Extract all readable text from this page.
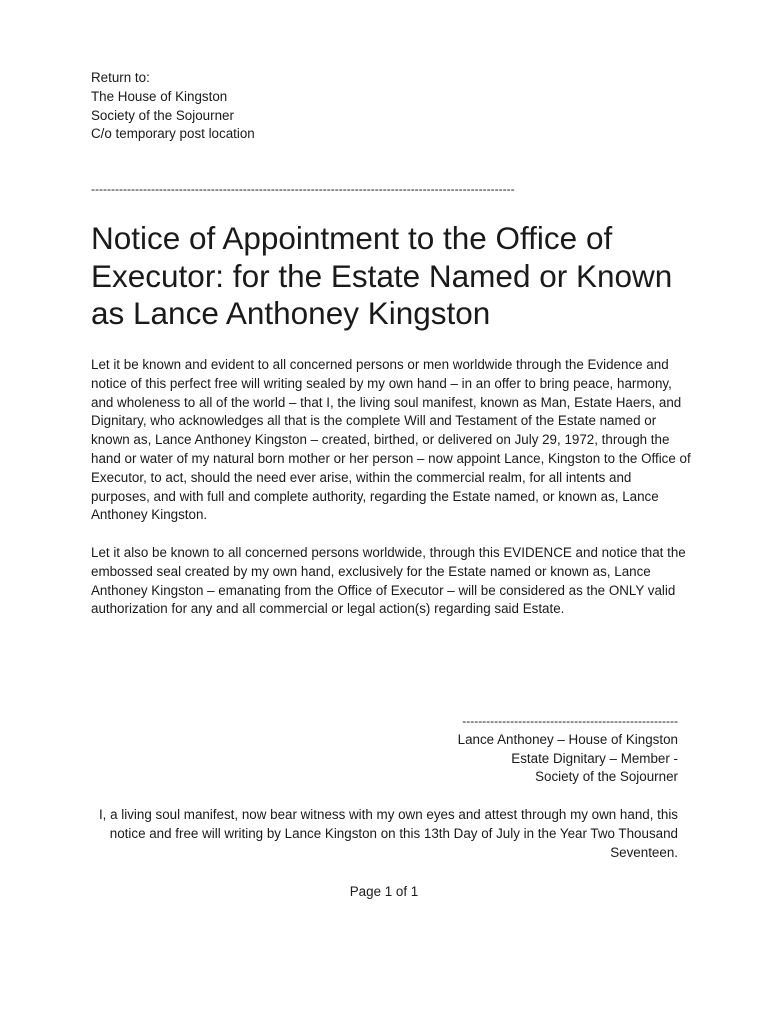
Return to:
The House of Kingston
Society of the Sojourner
C/o temporary post location
----------------------------------------------------------------------------------------------------------
Notice of Appointment to the Office of Executor: for the Estate Named or Known as Lance Anthoney Kingston

Let it be known and evident to all concerned persons or men worldwide through the Evidence and notice of this perfect free will writing sealed by my own hand – in an offer to bring peace, harmony, and wholeness to all of the world – that I, the living soul manifest, known as Man, Estate Haers, and Dignitary, who acknowledges all that is the complete Will and Testament of the Estate named or known as, Lance Anthoney Kingston – created, birthed, or delivered on July 29, 1972, through the hand or water of my natural born mother or her person – now appoint Lance, Kingston to the Office of Executor, to act, should the need ever arise, within the commercial realm, for all intents and purposes, and with full and complete authority, regarding the Estate named, or known as, Lance Anthoney Kingston.

Let it also be known to all concerned persons worldwide, through this EVIDENCE and notice that the embossed seal created by my own hand, exclusively for the Estate named or known as, Lance Anthoney Kingston – emanating from the Office of Executor – will be considered as the ONLY valid authorization for any and all commercial or legal action(s) regarding said Estate.

------------------------------------------------------
Lance Anthoney – House of Kingston
Estate Dignitary – Member -
Society of the Sojourner

I, a living soul manifest, now bear witness with my own eyes and attest through my own hand, this notice and free will writing by Lance Kingston on this 13th Day of July in the Year Two Thousand Seventeen.

Page 1 of 1
